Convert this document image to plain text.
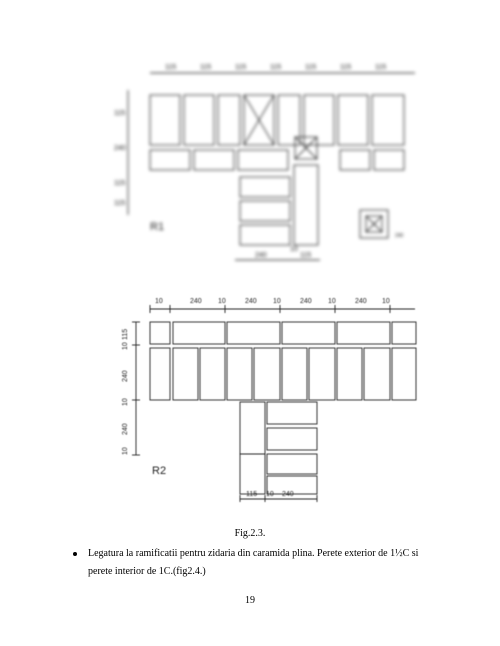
115	115	115	115	115	115	115
115
240
115
115
240
10
115
240
R1
10	240 10	240 10	240 10	240 10
115
10
240
10
240
10
115 10 240
R2
Fig.2.3.
Legatura la ramificatii pentru zidaria din caramida plina. Perete exterior de 1½C si perete interior de 1C.(fig2.4.)
19
